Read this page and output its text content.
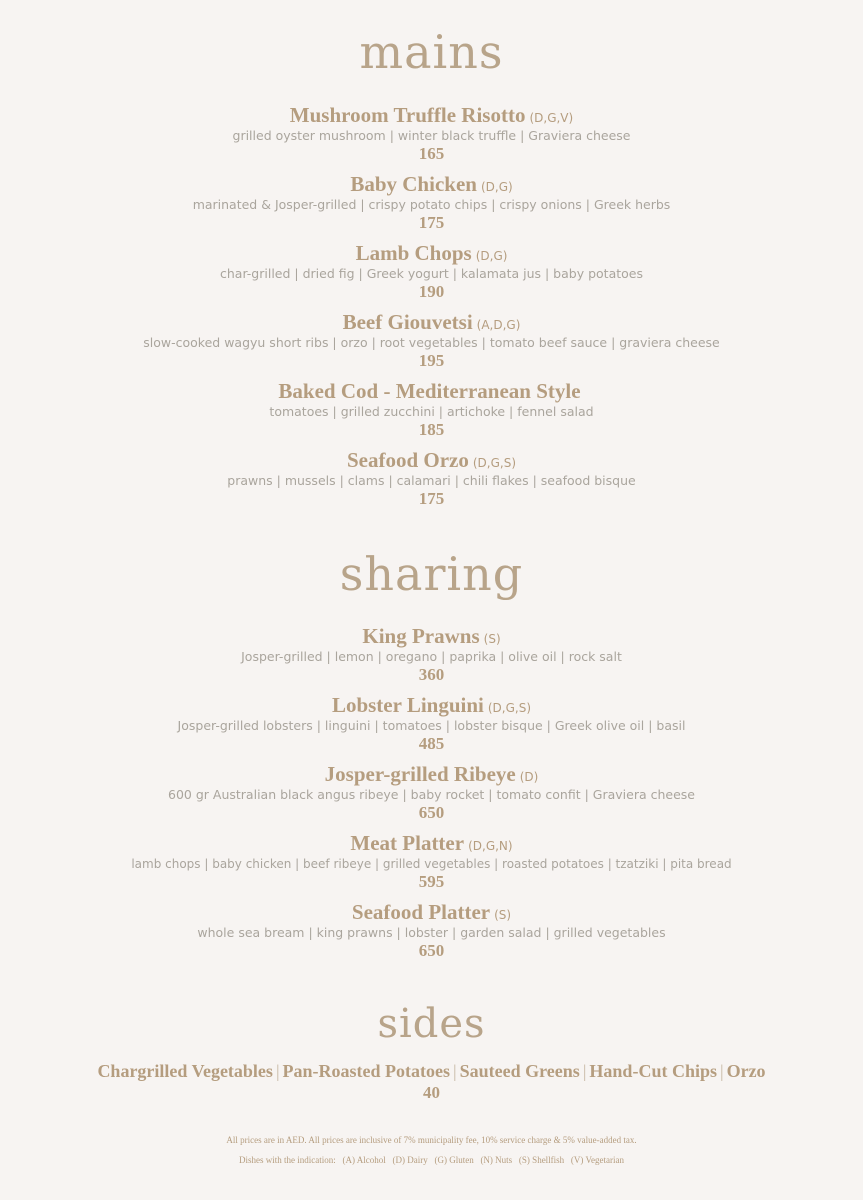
mains
Mushroom Truffle Risotto (D,G,V)
grilled oyster mushroom | winter black truffle | Graviera cheese
165
Baby Chicken (D,G)
marinated & Josper-grilled | crispy potato chips | crispy onions | Greek herbs
175
Lamb Chops (D,G)
char-grilled | dried fig | Greek yogurt | kalamata jus | baby potatoes
190
Beef Giouvetsi (A,D,G)
slow-cooked wagyu short ribs | orzo | root vegetables | tomato beef sauce | graviera cheese
195
Baked Cod - Mediterranean Style
tomatoes | grilled zucchini | artichoke | fennel salad
185
Seafood Orzo (D,G,S)
prawns | mussels | clams | calamari | chili flakes | seafood bisque
175
sharing
King Prawns (S)
Josper-grilled | lemon | oregano | paprika | olive oil | rock salt
360
Lobster Linguini (D,G,S)
Josper-grilled lobsters | linguini | tomatoes | lobster bisque | Greek olive oil | basil
485
Josper-grilled Ribeye (D)
600 gr Australian black angus ribeye | baby rocket | tomato confit | Graviera cheese
650
Meat Platter (D,G,N)
lamb chops | baby chicken | beef ribeye | grilled vegetables | roasted potatoes | tzatziki | pita bread
595
Seafood Platter (S)
whole sea bream | king prawns | lobster | garden salad | grilled vegetables
650
sides
Chargrilled Vegetables | Pan-Roasted Potatoes | Sauteed Greens | Hand-Cut Chips | Orzo
40
All prices are in AED. All prices are inclusive of 7% municipality fee, 10% service charge & 5% value-added tax.
Dishes with the indication:   (A) Alcohol   (D) Dairy   (G) Gluten   (N) Nuts   (S) Shellfish   (V) Vegetarian
